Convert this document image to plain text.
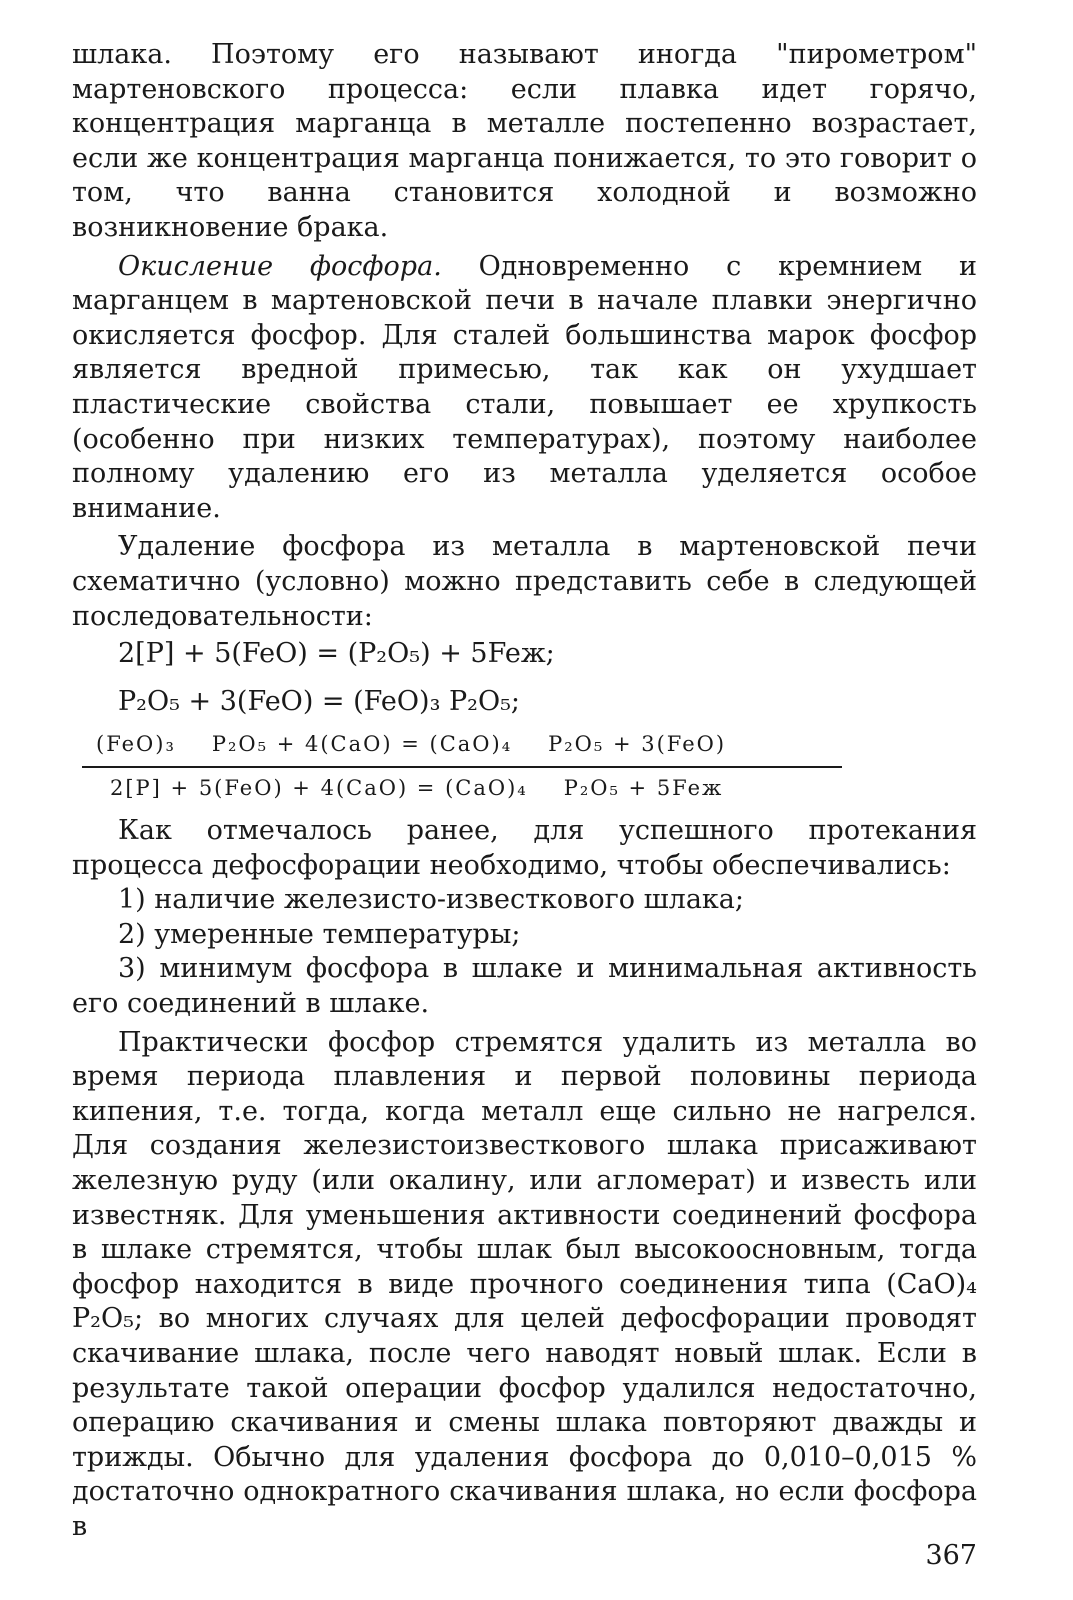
шлака. Поэтому его называют иногда "пирометром" мартеновского процесса: если плавка идет горячо, концентрация марганца в металле постепенно возрастает, если же концентрация марганца понижается, то это говорит о том, что ванна становится холодной и возможно возникновение брака.

Окисление фосфора. Одновременно с кремнием и марганцем в мартеновской печи в начале плавки энергично окисляется фосфор. Для сталей большинства марок фосфор является вредной примесью, так как он ухудшает пластические свойства стали, повышает ее хрупкость (особенно при низких температурах), поэтому наиболее полному удалению его из металла уделяется особое внимание.

Удаление фосфора из металла в мартеновской печи схематично (условно) можно представить себе в следующей последовательности:

2[P] + 5(FeO) = (P₂O₅) + 5Feж;

P₂O₅ + 3(FeO) = (FeO)₃ P₂O₅;

(FeO)₃ P₂O₅ + 4(CaO) = (CaO)₄ P₂O₅ + 3(FeO)
2[P] + 5(FeO) + 4(CaO) = (CaO)₄ P₂O₅ + 5Feж

Как отмечалось ранее, для успешного протекания процесса дефосфорации необходимо, чтобы обеспечивались:

1) наличие железисто-известкового шлака;

2) умеренные температуры;

3) минимум фосфора в шлаке и минимальная активность его соединений в шлаке.

Практически фосфор стремятся удалить из металла во время периода плавления и первой половины периода кипения, т.е. тогда, когда металл еще сильно не нагрелся. Для создания железистоизвесткового шлака присаживают железную руду (или окалину, или агломерат) и известь или известняк. Для уменьшения активности соединений фосфора в шлаке стремятся, чтобы шлак был высокоосновным, тогда фосфор находится в виде прочного соединения типа (CaO)₄ P₂O₅; во многих случаях для целей дефосфорации проводят скачивание шлака, после чего наводят новый шлак. Если в результате такой операции фосфор удалился недостаточно, операцию скачивания и смены шлака повторяют дважды и трижды. Обычно для удаления фосфора до 0,010–0,015 % достаточно однократного скачивания шлака, но если фосфора в

367
